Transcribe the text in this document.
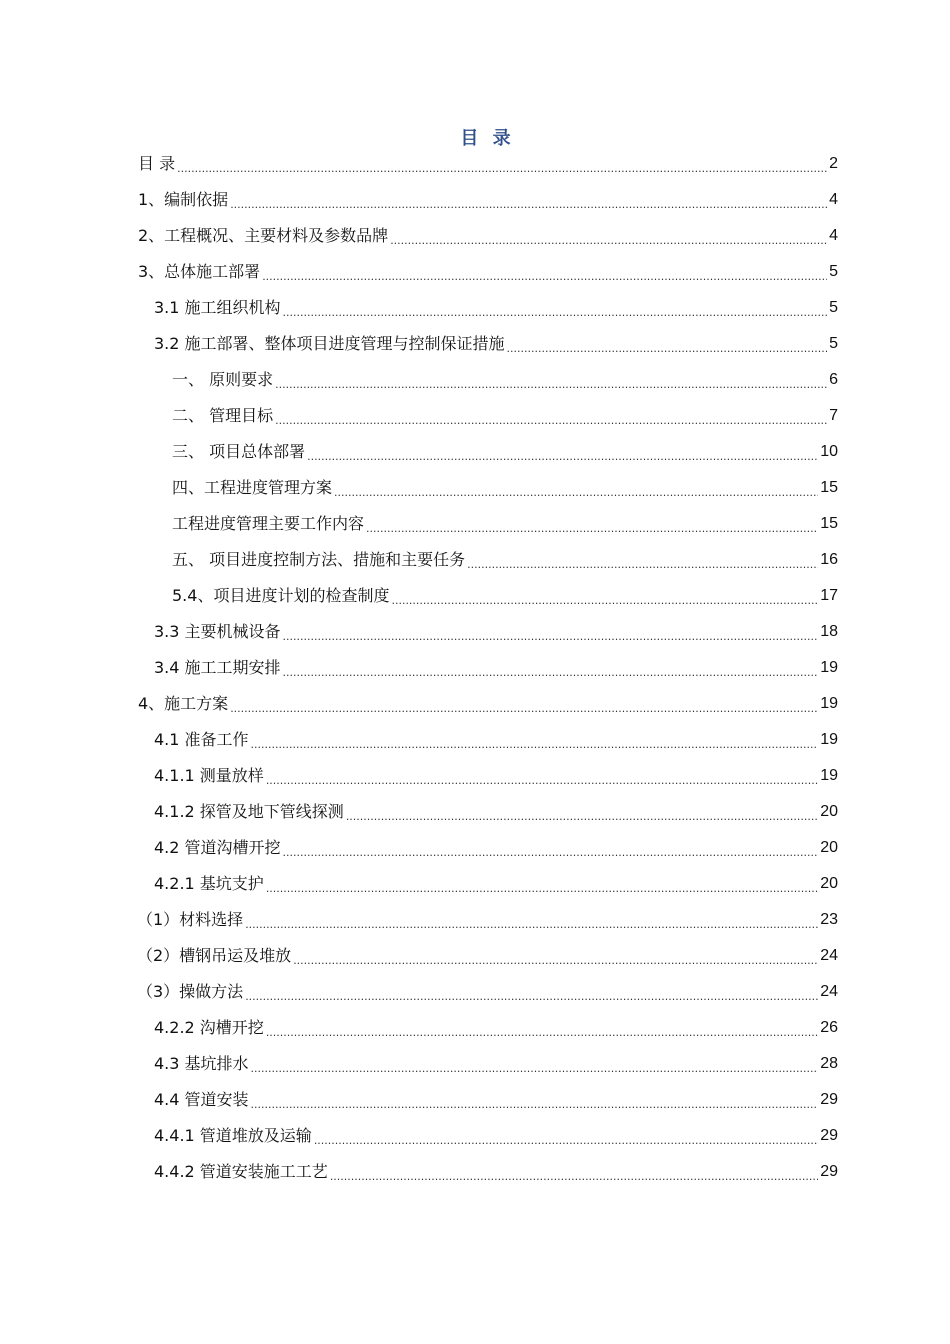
目 录
目 录 .....	2
1、编制依据 .....	4
2、工程概况、主要材料及参数品牌 .....	4
3、总体施工部署 .....	5
3.1 施工组织机构 .....	5
3.2 施工部署、整体项目进度管理与控制保证措施 .....	5
一、 原则要求 .....	6
二、 管理目标 .....	7
三、 项目总体部署 .....	10
四、工程进度管理方案 .....	15
工程进度管理主要工作内容 .....	15
五、 项目进度控制方法、措施和主要任务 .....	16
5.4、项目进度计划的检查制度 .....	17
3.3 主要机械设备 .....	18
3.4 施工工期安排 .....	19
4、施工方案 .....	19
4.1 准备工作 .....	19
4.1.1 测量放样 .....	19
4.1.2 探管及地下管线探测 .....	20
4.2 管道沟槽开挖 .....	20
4.2.1 基坑支护 .....	20
（1）材料选择 .....	23
（2）槽钢吊运及堆放 .....	24
（3）操做方法 .....	24
4.2.2 沟槽开挖 .....	26
4.3 基坑排水 .....	28
4.4 管道安装 .....	29
4.4.1 管道堆放及运输 .....	29
4.4.2 管道安装施工工艺 .....	29
